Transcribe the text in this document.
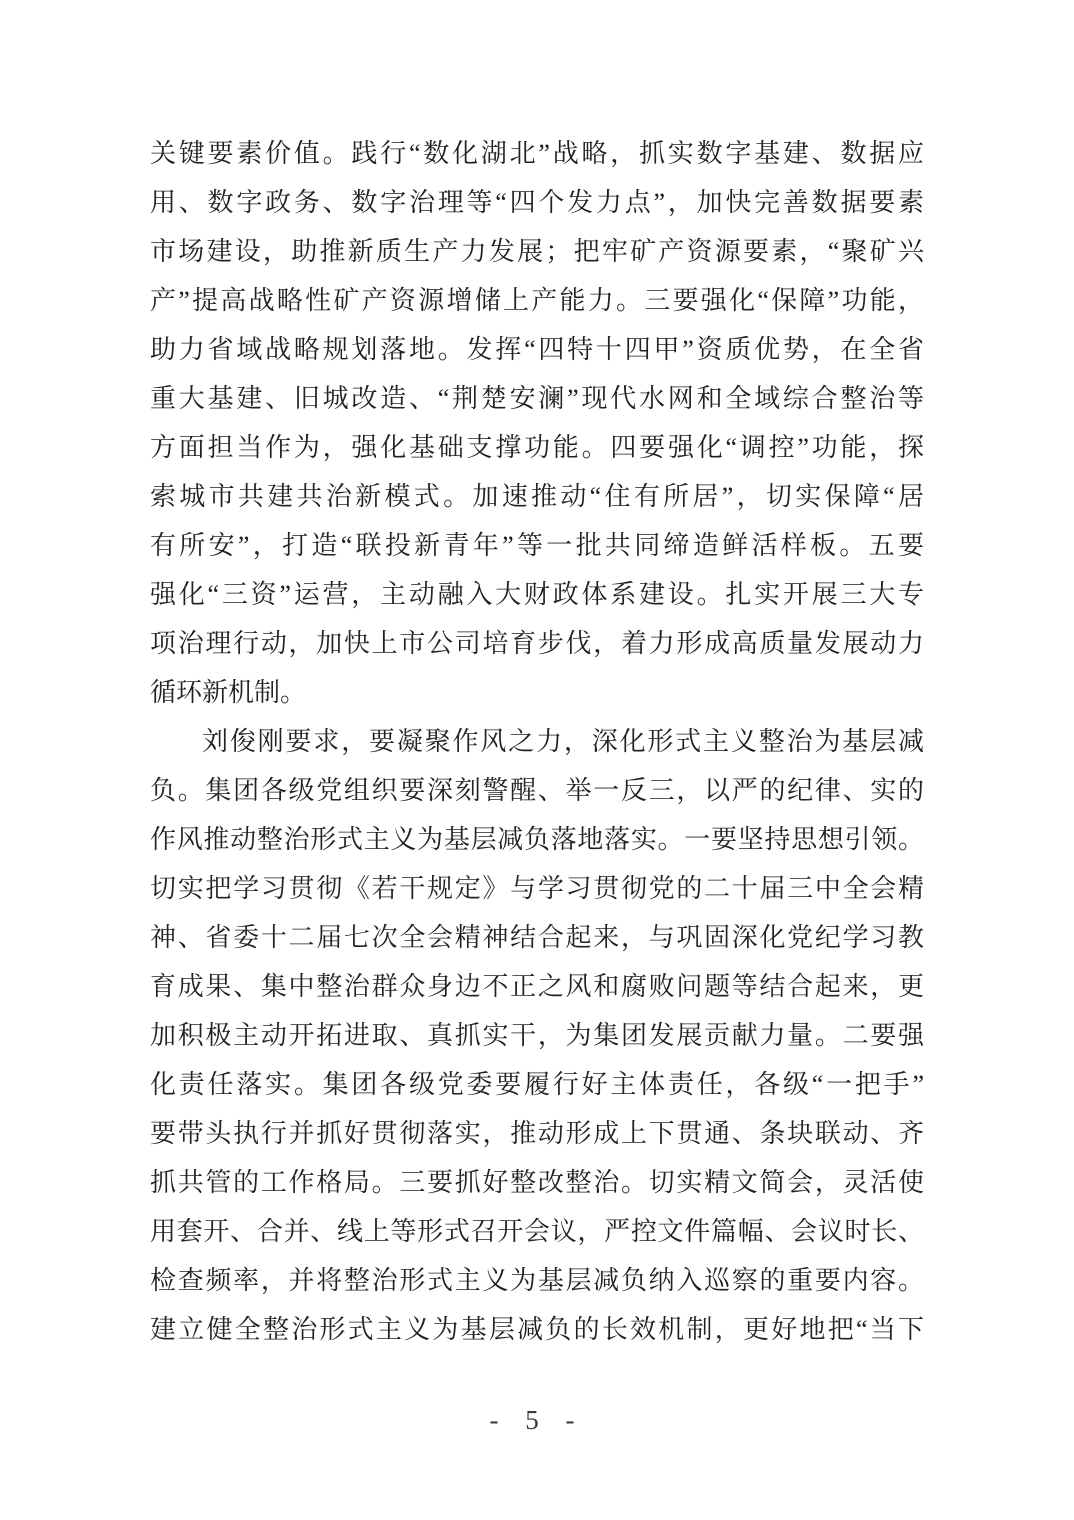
关键要素价值。践行“数化湖北”战略，抓实数字基建、数据应
用、数字政务、数字治理等“四个发力点”，加快完善数据要素
市场建设，助推新质生产力发展；把牢矿产资源要素，“聚矿兴
产”提高战略性矿产资源增储上产能力。三要强化“保障”功能，
助力省域战略规划落地。发挥“四特十四甲”资质优势，在全省
重大基建、旧城改造、“荆楚安澜”现代水网和全域综合整治等
方面担当作为，强化基础支撑功能。四要强化“调控”功能，探
索城市共建共治新模式。加速推动“住有所居”，切实保障“居
有所安”，打造“联投新青年”等一批共同缔造鲜活样板。五要
强化“三资”运营，主动融入大财政体系建设。扎实开展三大专
项治理行动，加快上市公司培育步伐，着力形成高质量发展动力
循环新机制。
刘俊刚要求，要凝聚作风之力，深化形式主义整治为基层减
负。集团各级党组织要深刻警醒、举一反三，以严的纪律、实的
作风推动整治形式主义为基层减负落地落实。一要坚持思想引领。
切实把学习贯彻《若干规定》与学习贯彻党的二十届三中全会精
神、省委十二届七次全会精神结合起来，与巩固深化党纪学习教
育成果、集中整治群众身边不正之风和腐败问题等结合起来，更
加积极主动开拓进取、真抓实干，为集团发展贡献力量。二要强
化责任落实。集团各级党委要履行好主体责任，各级“一把手”
要带头执行并抓好贯彻落实，推动形成上下贯通、条块联动、齐
抓共管的工作格局。三要抓好整改整治。切实精文简会，灵活使
用套开、合并、线上等形式召开会议，严控文件篇幅、会议时长、
检查频率，并将整治形式主义为基层减负纳入巡察的重要内容。
建立健全整治形式主义为基层减负的长效机制，更好地把“当下
- 5 -
